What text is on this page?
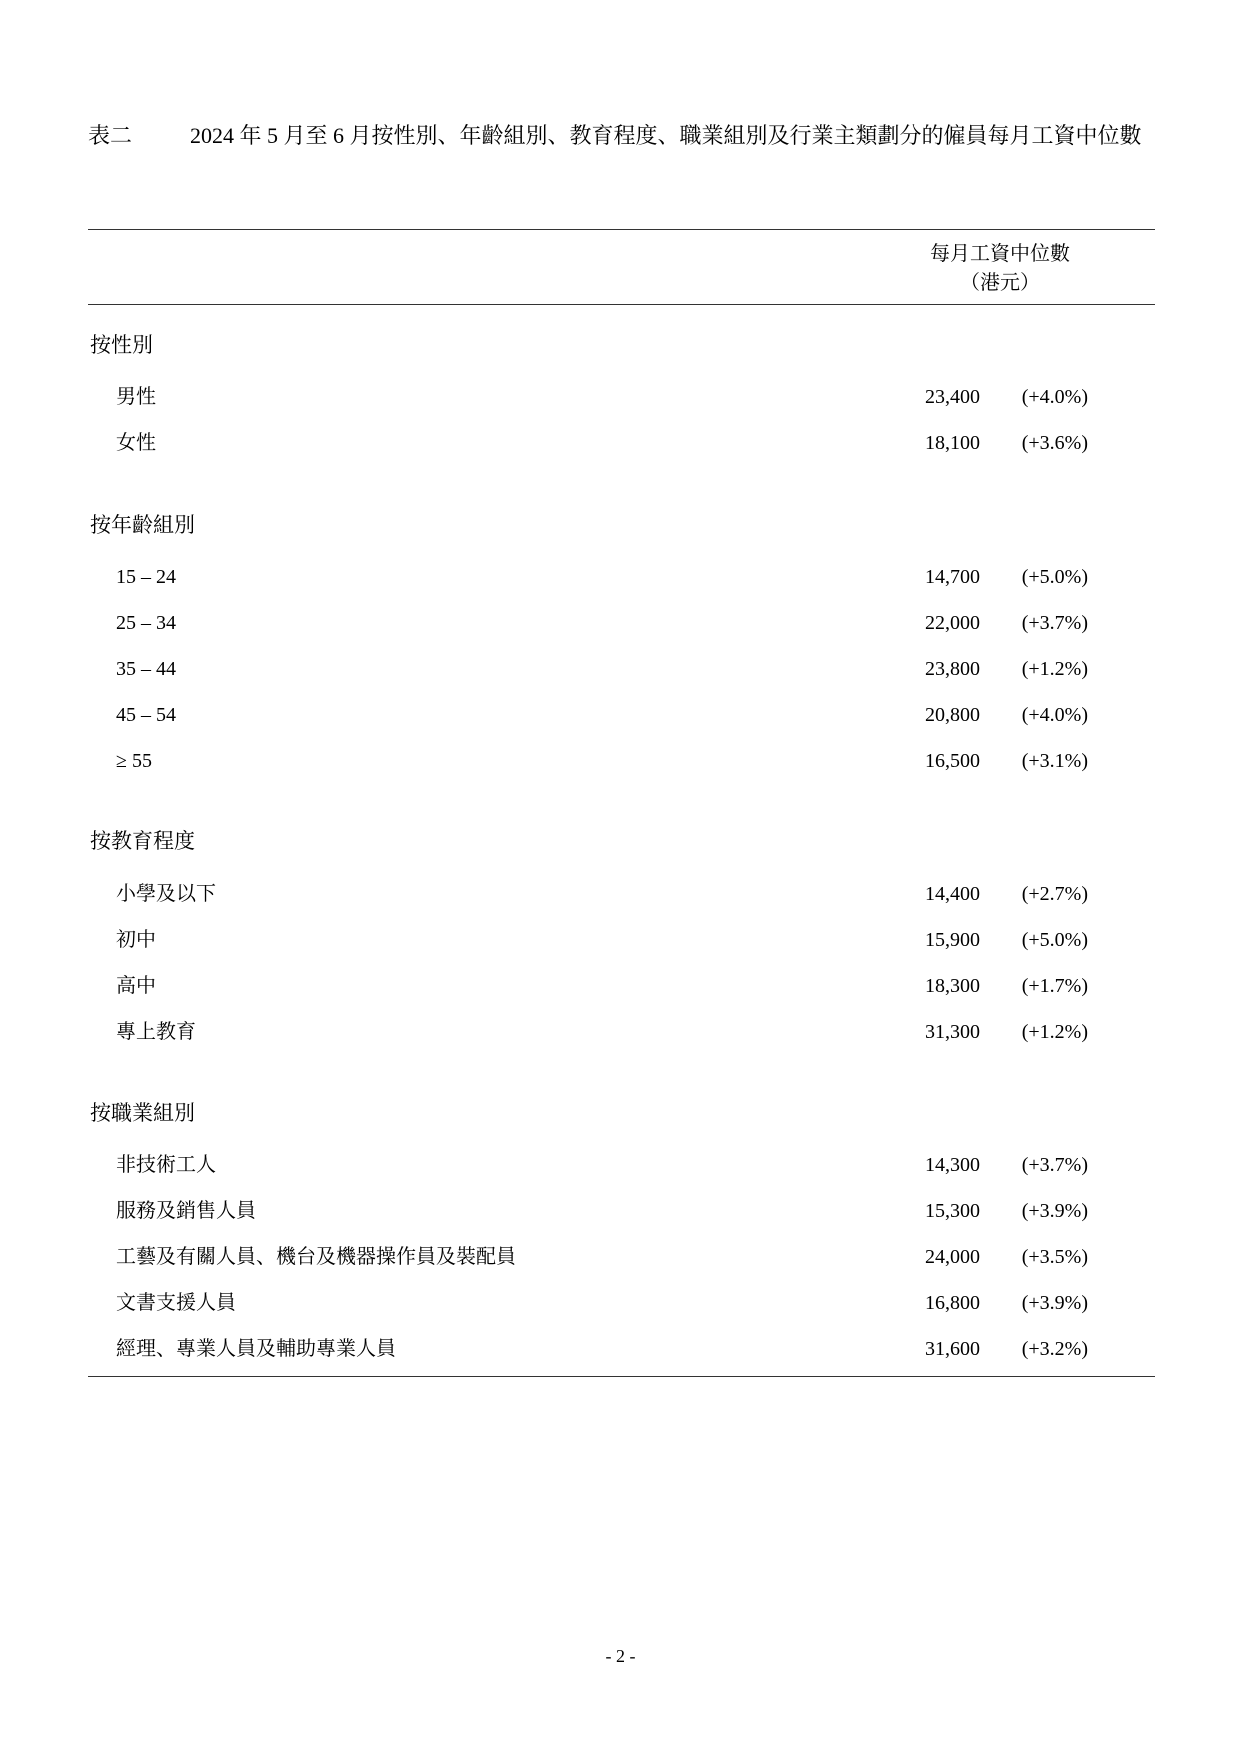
表二	2024 年 5 月至 6 月按性別、年齡組別、教育程度、職業組別及行業主類劃分的僱員每月工資中位數
每月工資中位數
（港元）
按性別
男性	23,400 (+4.0%)
女性	18,100 (+3.6%)
按年齡組別
15 – 24	14,700 (+5.0%)
25 – 34	22,000 (+3.7%)
35 – 44	23,800 (+1.2%)
45 – 54	20,800 (+4.0%)
≥ 55	16,500 (+3.1%)
按教育程度
小學及以下	14,400 (+2.7%)
初中	15,900 (+5.0%)
高中	18,300 (+1.7%)
專上教育	31,300 (+1.2%)
按職業組別
非技術工人	14,300 (+3.7%)
服務及銷售人員	15,300 (+3.9%)
工藝及有關人員、機台及機器操作員及裝配員	24,000 (+3.5%)
文書支援人員	16,800 (+3.9%)
經理、專業人員及輔助專業人員	31,600 (+3.2%)
- 2 -
